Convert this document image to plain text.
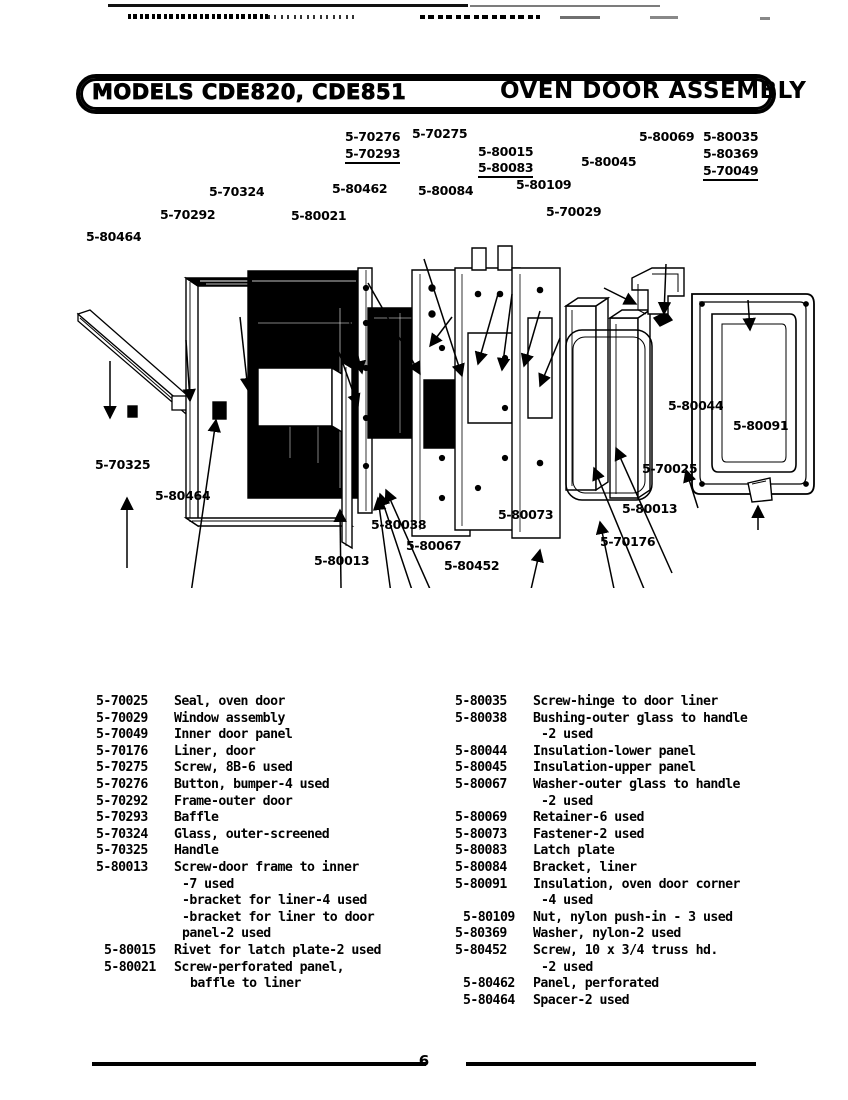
MODELS CDE820, CDE851	OVEN DOOR ASSEMBLY
5-80464
5-70292
5-70324
5-80021
5-80462
5-70276
5-70293
5-70275
5-80084
5-80015
5-80083
5-80109
5-70029
5-80045
5-80069 5-80035
5-80369
5-70049
5-80044
5-80091
5-70325
5-80464
5-80013
5-80038
5-80067
5-80452
5-80073
5-70176
5-80013
5-70025
5-70025	Seal, oven door
5-70029	Window assembly
5-70049	Inner door panel
5-70176	Liner, door
5-70275	Screw, 8B-6 used
5-70276	Button, bumper-4 used
5-70292	Frame-outer door
5-70293	Baffle
5-70324	Glass, outer-screened
5-70325	Handle
5-80013	Screw-door frame to inner
-7 used
-bracket for liner-4 used
-bracket for liner to door
panel-2 used
5-80015	Rivet for latch plate-2 used
5-80021	Screw-perforated panel,
baffle to liner
5-80035	Screw-hinge to door liner
5-80038	Bushing-outer glass to handle
-2 used
5-80044	Insulation-lower panel
5-80045	Insulation-upper panel
5-80067	Washer-outer glass to handle
-2 used
5-80069	Retainer-6 used
5-80073	Fastener-2 used
5-80083	Latch plate
5-80084	Bracket, liner
5-80091	Insulation, oven door corner
-4 used
5-80109	Nut, nylon push-in - 3 used
5-80369	Washer, nylon-2 used
5-80452	Screw, 10 x 3/4 truss hd.
-2 used
5-80462	Panel, perforated
5-80464	Spacer-2 used
6
